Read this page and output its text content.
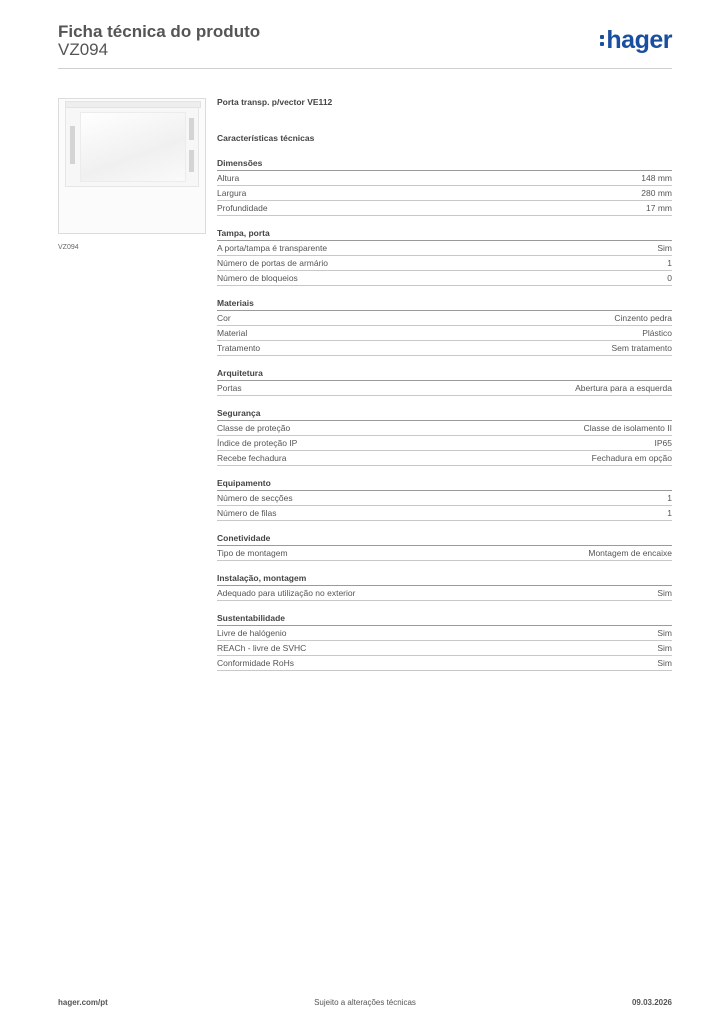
Ficha técnica do produto
VZ094	hager
VZ094
Porta transp. p/vector VE112
Características técnicas
Dimensões
Altura	148 mm
Largura	280 mm
Profundidade	17 mm
Tampa, porta
A porta/tampa é transparente	Sim
Número de portas de armário	1
Número de bloqueios	0
Materiais
Cor	Cinzento pedra
Material	Plástico
Tratamento	Sem tratamento
Arquitetura
Portas	Abertura para a esquerda
Segurança
Classe de proteção	Classe de isolamento II
Índice de proteção IP	IP65
Recebe fechadura	Fechadura em opção
Equipamento
Número de secções	1
Número de filas	1
Conetividade
Tipo de montagem	Montagem de encaixe
Instalação, montagem
Adequado para utilização no exterior	Sim
Sustentabilidade
Livre de halógenio	Sim
REACh - livre de SVHC	Sim
Conformidade RoHs	Sim
hager.com/pt	Sujeito a alterações técnicas	09.03.2026
